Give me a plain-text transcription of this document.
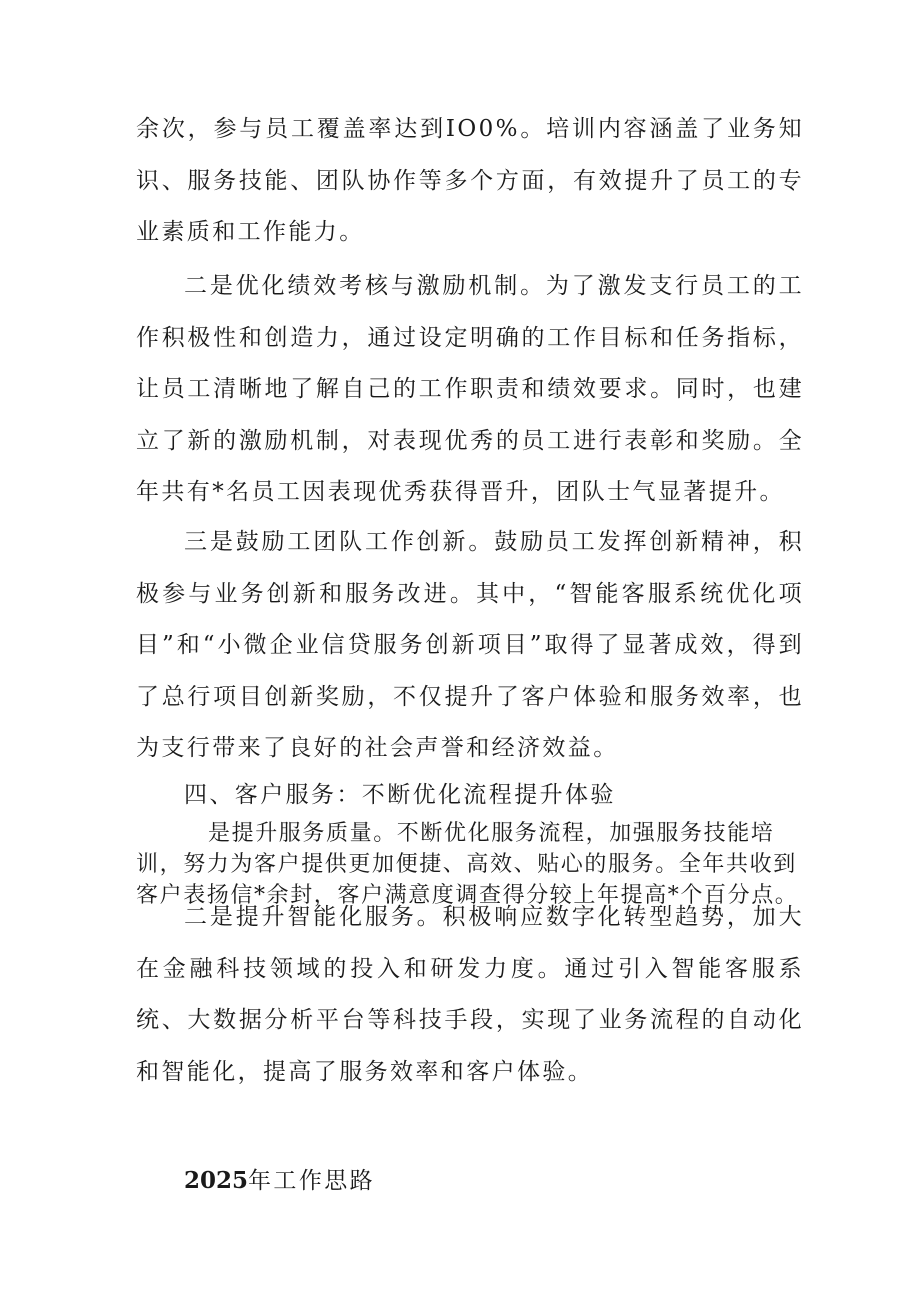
余次，参与员工覆盖率达到IO0%。培训内容涵盖了业务知识、服务技能、团队协作等多个方面，有效提升了员工的专业素质和工作能力。

二是优化绩效考核与激励机制。为了激发支行员工的工作积极性和创造力，通过设定明确的工作目标和任务指标，让员工清晰地了解自己的工作职责和绩效要求。同时，也建立了新的激励机制，对表现优秀的员工进行表彰和奖励。全年共有*名员工因表现优秀获得晋升，团队士气显著提升。

三是鼓励工团队工作创新。鼓励员工发挥创新精神，积极参与业务创新和服务改进。其中，“智能客服系统优化项目”和“小微企业信贷服务创新项目”取得了显著成效，得到了总行项目创新奖励，不仅提升了客户体验和服务效率，也为支行带来了良好的社会声誉和经济效益。

四、客户服务：不断优化流程提升体验

是提升服务质量。不断优化服务流程，加强服务技能培训，努力为客户提供更加便捷、高效、贴心的服务。全年共收到客户表扬信*余封，客户满意度调查得分较上年提高*个百分点。

二是提升智能化服务。积极响应数字化转型趋势，加大在金融科技领域的投入和研发力度。通过引入智能客服系统、大数据分析平台等科技手段，实现了业务流程的自动化和智能化，提高了服务效率和客户体验。

2025年工作思路
